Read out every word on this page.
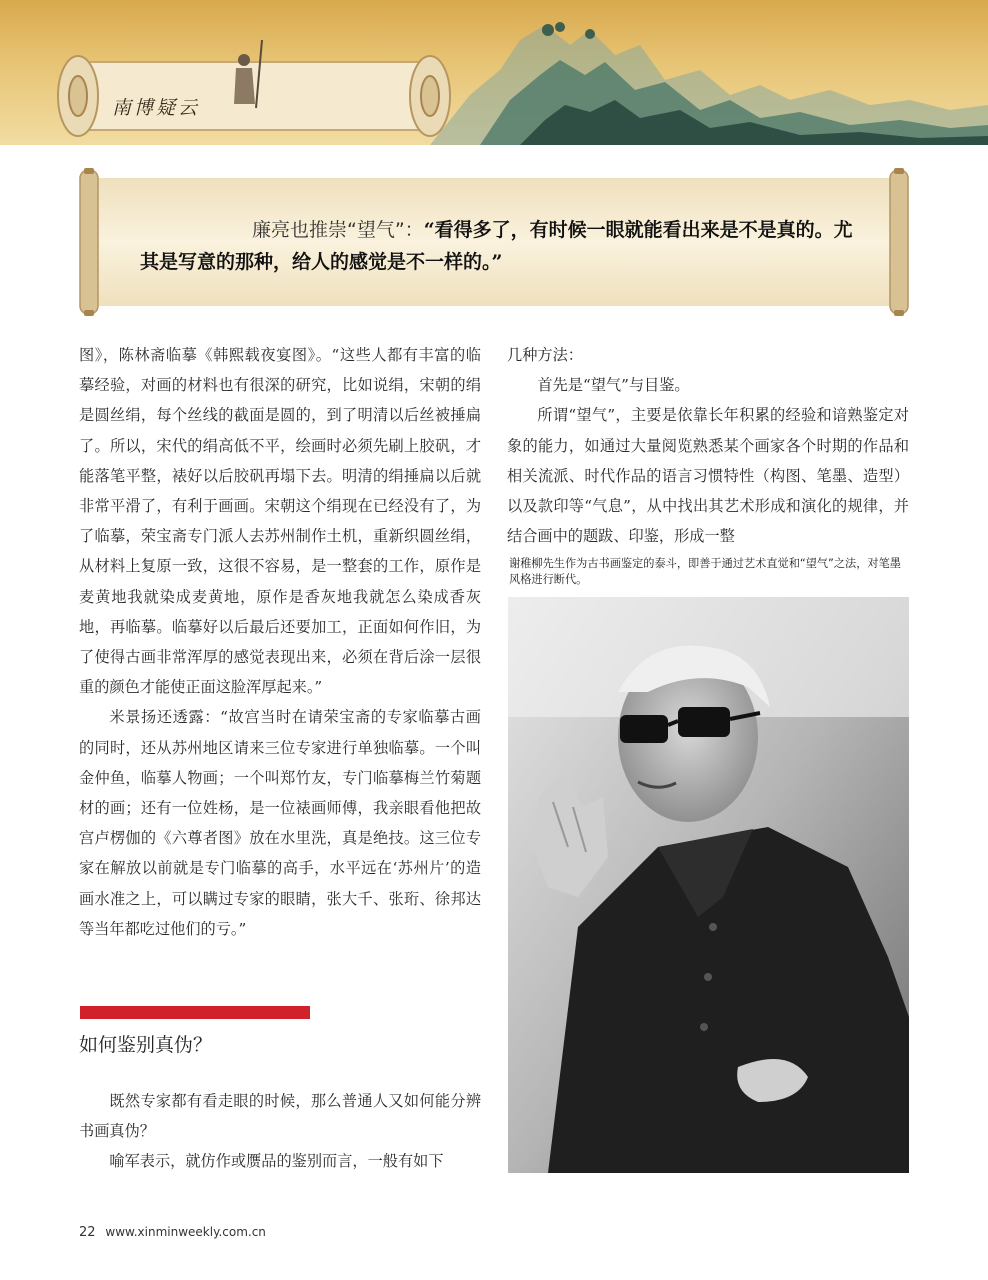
南博疑云
廉亮也推崇“望气”：“看得多了，有时候一眼就能看出来是不是真的。尤其是写意的那种，给人的感觉是不一样的。”

图》，陈林斋临摹《韩熙载夜宴图》。“这些人都有丰富的临摹经验，对画的材料也有很深的研究，比如说绢，宋朝的绢是圆丝绢，每个丝线的截面是圆的，到了明清以后丝被捶扁了。所以，宋代的绢高低不平，绘画时必须先刷上胶矾，才能落笔平整，裱好以后胶矾再塌下去。明清的绢捶扁以后就非常平滑了，有利于画画。宋朝这个绢现在已经没有了，为了临摹，荣宝斋专门派人去苏州制作土机，重新织圆丝绢，从材料上复原一致，这很不容易，是一整套的工作，原作是麦黄地我就染成麦黄地，原作是香灰地我就怎么染成香灰地，再临摹。临摹好以后最后还要加工，正面如何作旧，为了使得古画非常浑厚的感觉表现出来，必须在背后涂一层很重的颜色才能使正面这脸浑厚起来。”

米景扬还透露：“故宫当时在请荣宝斋的专家临摹古画的同时，还从苏州地区请来三位专家进行单独临摹。一个叫金仲鱼，临摹人物画；一个叫郑竹友，专门临摹梅兰竹菊题材的画；还有一位姓杨，是一位裱画师傅，我亲眼看他把故宫卢楞伽的《六尊者图》放在水里洗，真是绝技。这三位专家在解放以前就是专门临摹的高手，水平远在‘苏州片’的造画水准之上，可以瞒过专家的眼睛，张大千、张珩、徐邦达等当年都吃过他们的亏。”

如何鉴别真伪？

既然专家都有看走眼的时候，那么普通人又如何能分辨书画真伪？

喻军表示，就仿作或赝品的鉴别而言，一般有如下

几种方法：

首先是“望气”与目鉴。

所谓“望气”，主要是依靠长年积累的经验和谙熟鉴定对象的能力，如通过大量阅览熟悉某个画家各个时期的作品和相关流派、时代作品的语言习惯特性（构图、笔墨、造型）以及款印等“气息”，从中找出其艺术形成和演化的规律，并结合画中的题跋、印鉴，形成一整

谢稚柳先生作为古书画鉴定的泰斗，即善于通过艺术直觉和“望气”之法，对笔墨风格进行断代。
22 www.xinminweekly.com.cn
